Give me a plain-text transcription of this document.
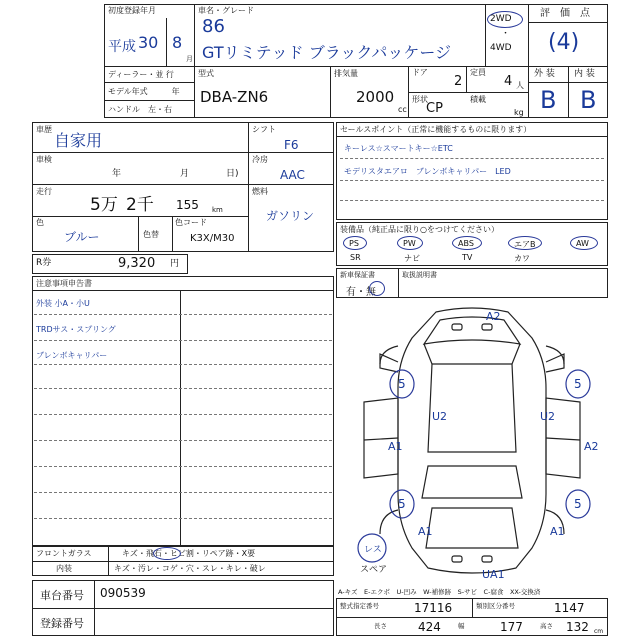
初度登録年月
平成 30 8
月
車名・グレード
86
GTリミテッド ブラックパッケージ
2WD
・
4WD
評　価　点
(4)
ディーラー・並 行
モデル年式　　　年
ハンドル　左・右
型式
DBA-ZN6
排気量
2000
cc
ドア
2
定員
4 人
形状
CP
積載
kg
外 装 内 装
B B
車歴
自家用
車検
年	月	日)
走行
5万 2千 155 km
色
ブルー	色替
色コード
K3X/M30
シフト
F6
冷房
AAC
燃料
ガソリン
R券	9,320 円
セールスポイント（正常に機能するものに限ります）
キーレス☆スマートキー☆ETC
モデリスタエアロ　ブレンボキャリパー　LED
装備品（純正品に限り○をつけてください）
PS	PW	ABS	エアB	AW
SR	ナビ	TV	カワ
新車保証書	取扱説明書
有・無
注意事項申告書
外装 小A・小U
TRDサス・スプリング
ブレンボキャリパー
A2
5	5
U2	U2
A1	A2
5	5
A1	A1
UA1
レス
スペア
フロントガラス	キズ・飛石・ヒビ割・リペア跡・X要
内装	キズ・汚レ・コゲ・穴・スレ・キレ・破レ
車台番号 090539
登録番号
A-キズ　E-エクボ　U-凹み　W-補修跡　S-サビ　C-腐食　XX-交換済
整式指定番号	17116	類別区分番号	1147
長さ	424	幅	177	高さ 132 cm
